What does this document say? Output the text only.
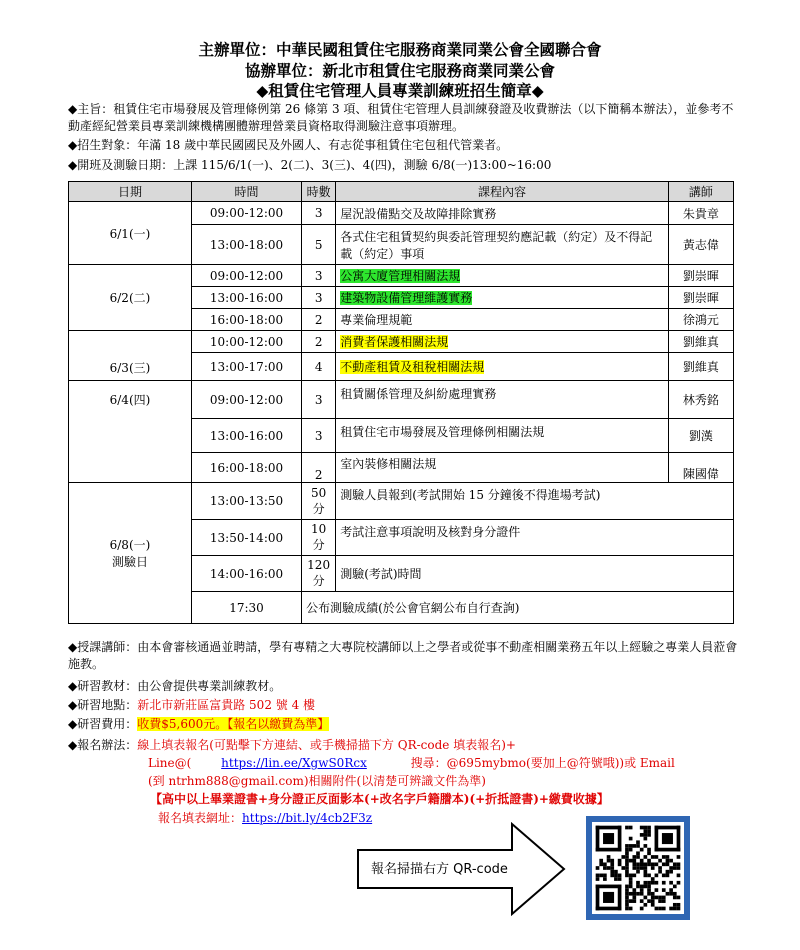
主辦單位：中華民國租賃住宅服務商業同業公會全國聯合會
協辦單位：新北市租賃住宅服務商業同業公會
◆租賃住宅管理人員專業訓練班招生簡章◆
◆主旨：租賃住宅市場發展及管理條例第 26 條第 3 項、租賃住宅管理人員訓練發證及收費辦法（以下簡稱本辦法），並參考不動產經紀營業員專業訓練機構團體辦理營業員資格取得測驗注意事項辦理。
◆招生對象：年滿 18 歲中華民國國民及外國人、有志從事租賃住宅包租代管業者。
◆開班及測驗日期：上課 115/6/1(一)、2(二)、3(三)、4(四)，測驗 6/8(一)13:00~16:00
日期	時間	時數	課程內容	講師
6/1(一)	09:00-12:00	3	屋況設備點交及故障排除實務	朱貴章
	13:00-18:00	5	各式住宅租賃契約與委託管理契約應記載（約定）及不得記載（約定）事項	黃志偉
6/2(二)	09:00-12:00	3	公寓大廈管理相關法規	劉崇暉
	13:00-16:00	3	建築物設備管理維護實務	劉崇暉
	16:00-18:00	2	專業倫理規範	徐鴻元
6/3(三)	10:00-12:00	2	消費者保護相關法規	劉維真
	13:00-17:00	4	不動產租賃及租稅相關法規	劉維真
6/4(四)	09:00-12:00	3	租賃關係管理及糾紛處理實務	林秀銘
	13:00-16:00	3	租賃住宅市場發展及管理條例相關法規	劉漢
	16:00-18:00	2	室內裝修相關法規	陳國偉

6/8(一)
測驗日	13:00-13:50	50分	測驗人員報到(考試開始 15 分鐘後不得進場考試)	
	13:50-14:00	10分	考試注意事項說明及核對身分證件	
	14:00-16:00	120分	測驗(考試)時間	
	17:30	公布測驗成績(於公會官網公布自行查詢)		
◆授課講師：由本會審核通過並聘請，學有專精之大專院校講師以上之學者或從事不動產相關業務五年以上經驗之專業人員蒞會施教。
◆研習教材：由公會提供專業訓練教材。
◆研習地點：新北市新莊區富貴路 502 號 4 樓
◆研習費用：收費$5,600元。【報名以繳費為準】
◆報名辦法：線上填表報名(可點擊下方連結、或手機掃描下方 QR-code 填表報名)+
Line@( https://lin.ee/XgwS0Rcx	搜尋：@695mybmo(要加上@符號哦))或 Email
(到 ntrhm888@gmail.com)相關附件(以清楚可辨識文件為準)
【高中以上畢業證書+身分證正反面影本(+改名字戶籍謄本)(+折抵證書)+繳費收據】
報名填表網址：https://bit.ly/4cb2F3z
報名掃描右方 QR-code
